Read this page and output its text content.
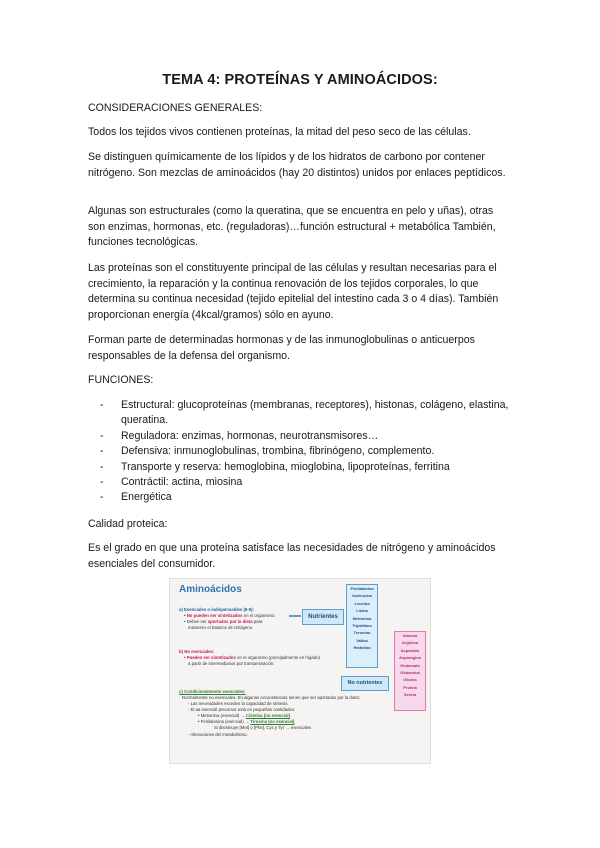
TEMA 4: PROTEÍNAS Y AMINOÁCIDOS:
CONSIDERACIONES GENERALES:
Todos los tejidos vivos contienen proteínas, la mitad del peso seco de las células.
Se distinguen químicamente de los lípidos y de los hidratos de carbono por contener nitrógeno. Son mezclas de aminoácidos (hay 20 distintos) unidos por enlaces peptídicos.
Algunas son estructurales (como la queratina, que se encuentra en pelo y uñas), otras son enzimas, hormonas, etc. (reguladoras)…función estructural + metabólica También, funciones tecnológicas.
Las proteínas son el constituyente principal de las células y resultan necesarias para el crecimiento, la reparación y la continua renovación de los tejidos corporales, lo que determina su continua necesidad (tejido epitelial del intestino cada 3 o 4 días). También proporcionan energía (4kcal/gramos) sólo en ayuno.
Forman parte de determinadas hormonas y de las inmunoglobulinas o anticuerpos responsables de la defensa del organismo.
FUNCIONES:
- Estructural: glucoproteínas (membranas, receptores), histonas, colágeno, elastina, queratina.
- Reguladora: enzimas, hormonas, neurotransmisores…
- Defensiva: inmunoglobulinas, trombina, fibrinógeno, complemento.
- Transporte y reserva: hemoglobina, mioglobina, lipoproteínas, ferritina
- Contráctil: actina, miosina
- Energética
Calidad proteica:
Es el grado en que una proteína satisface las necesidades de nitrógeno y aminoácidos esenciales del consumidor.
Aminoácidos
a) Esenciales o indispensables (8-9):
• No pueden ser sintetizados en el organismo.
• Deben ser aportados por la dieta para
mantener el balance de nitrógeno.
Nutrientes
Fenilalanina
Isoleucina
Leucina
Lisina
Metionina
Triptófano
Treonina
Valina
Histidina
b) No esenciales:
• Pueden ser sintetizados en el organismo (principalmente en hígado)
a partir de intermediarios por transaminación.
No nutrientes
Alanina
Arginina
Aspartato
Asparagina
Glutamato
Glutamina
Glicina
Prolina
Serina
c) Condicionalmente esenciales:
Normalmente no esenciales. En algunas circunstancias tienen que ser aportados por la dieta:
- Las necesidades exceden la capacidad de síntesis.
- El aa esencial precursor está en pequeñas cantidades:
• Metionina (esencial) → Cisteína (no esencial)
• Fenilalanina (esencial) → Tirosina (no esencial)
Si disminuye [Met] o [Phe], Cys y Tyr → esenciales
- Alteraciones del metabolismo.
